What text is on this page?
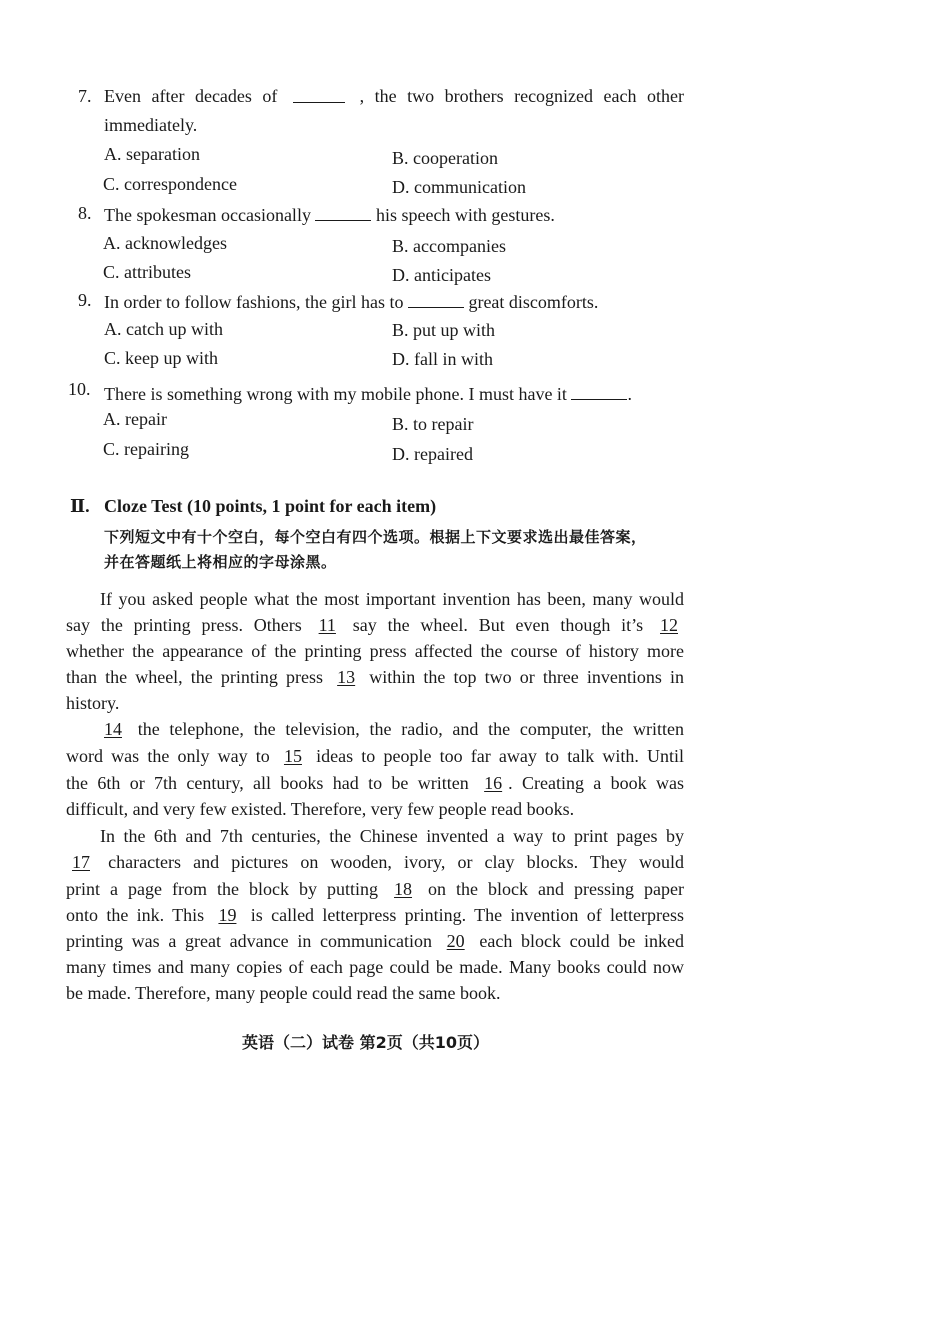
7. Even after decades of	, the two brothers recognized each other
immediately.
A. separation	B. cooperation
C. correspondence	D. communication
8. The spokesman occasionally	his speech with gestures.
A. acknowledges	B. accompanies
C. attributes	D. anticipates
9. In order to follow fashions, the girl has to	great discomforts.
A. catch up with	B. put up with
C. keep up with	D. fall in with
10. There is something wrong with my mobile phone. I must have it	.
A. repair	B. to repair
C. repairing	D. repaired
Ⅱ. Cloze Test (10 points, 1 point for each item)
下列短文中有十个空白，每个空白有四个选项。根据上下文要求选出最佳答案，
并在答题纸上将相应的字母涂黑。
If you asked people what the most important invention has been, many would
say the printing press. Others 11 say the wheel. But even though it’s 12
whether the appearance of the printing press affected the course of history more
than the wheel, the printing press 13 within the top two or three inventions in
history.
14 the telephone, the television, the radio, and the computer, the written
word was the only way to 15 ideas to people too far away to talk with. Until
the 6th or 7th century, all books had to be written 16 . Creating a book was
difficult, and very few existed. Therefore, very few people read books.
In the 6th and 7th centuries, the Chinese invented a way to print pages by
17 characters and pictures on wooden, ivory, or clay blocks. They would
print a page from the block by putting 18 on the block and pressing paper
onto the ink. This 19 is called letterpress printing. The invention of letterpress
printing was a great advance in communication 20 each block could be inked
many times and many copies of each page could be made. Many books could now
be made. Therefore, many people could read the same book.
英语（二）试卷 第2页（共10页）
